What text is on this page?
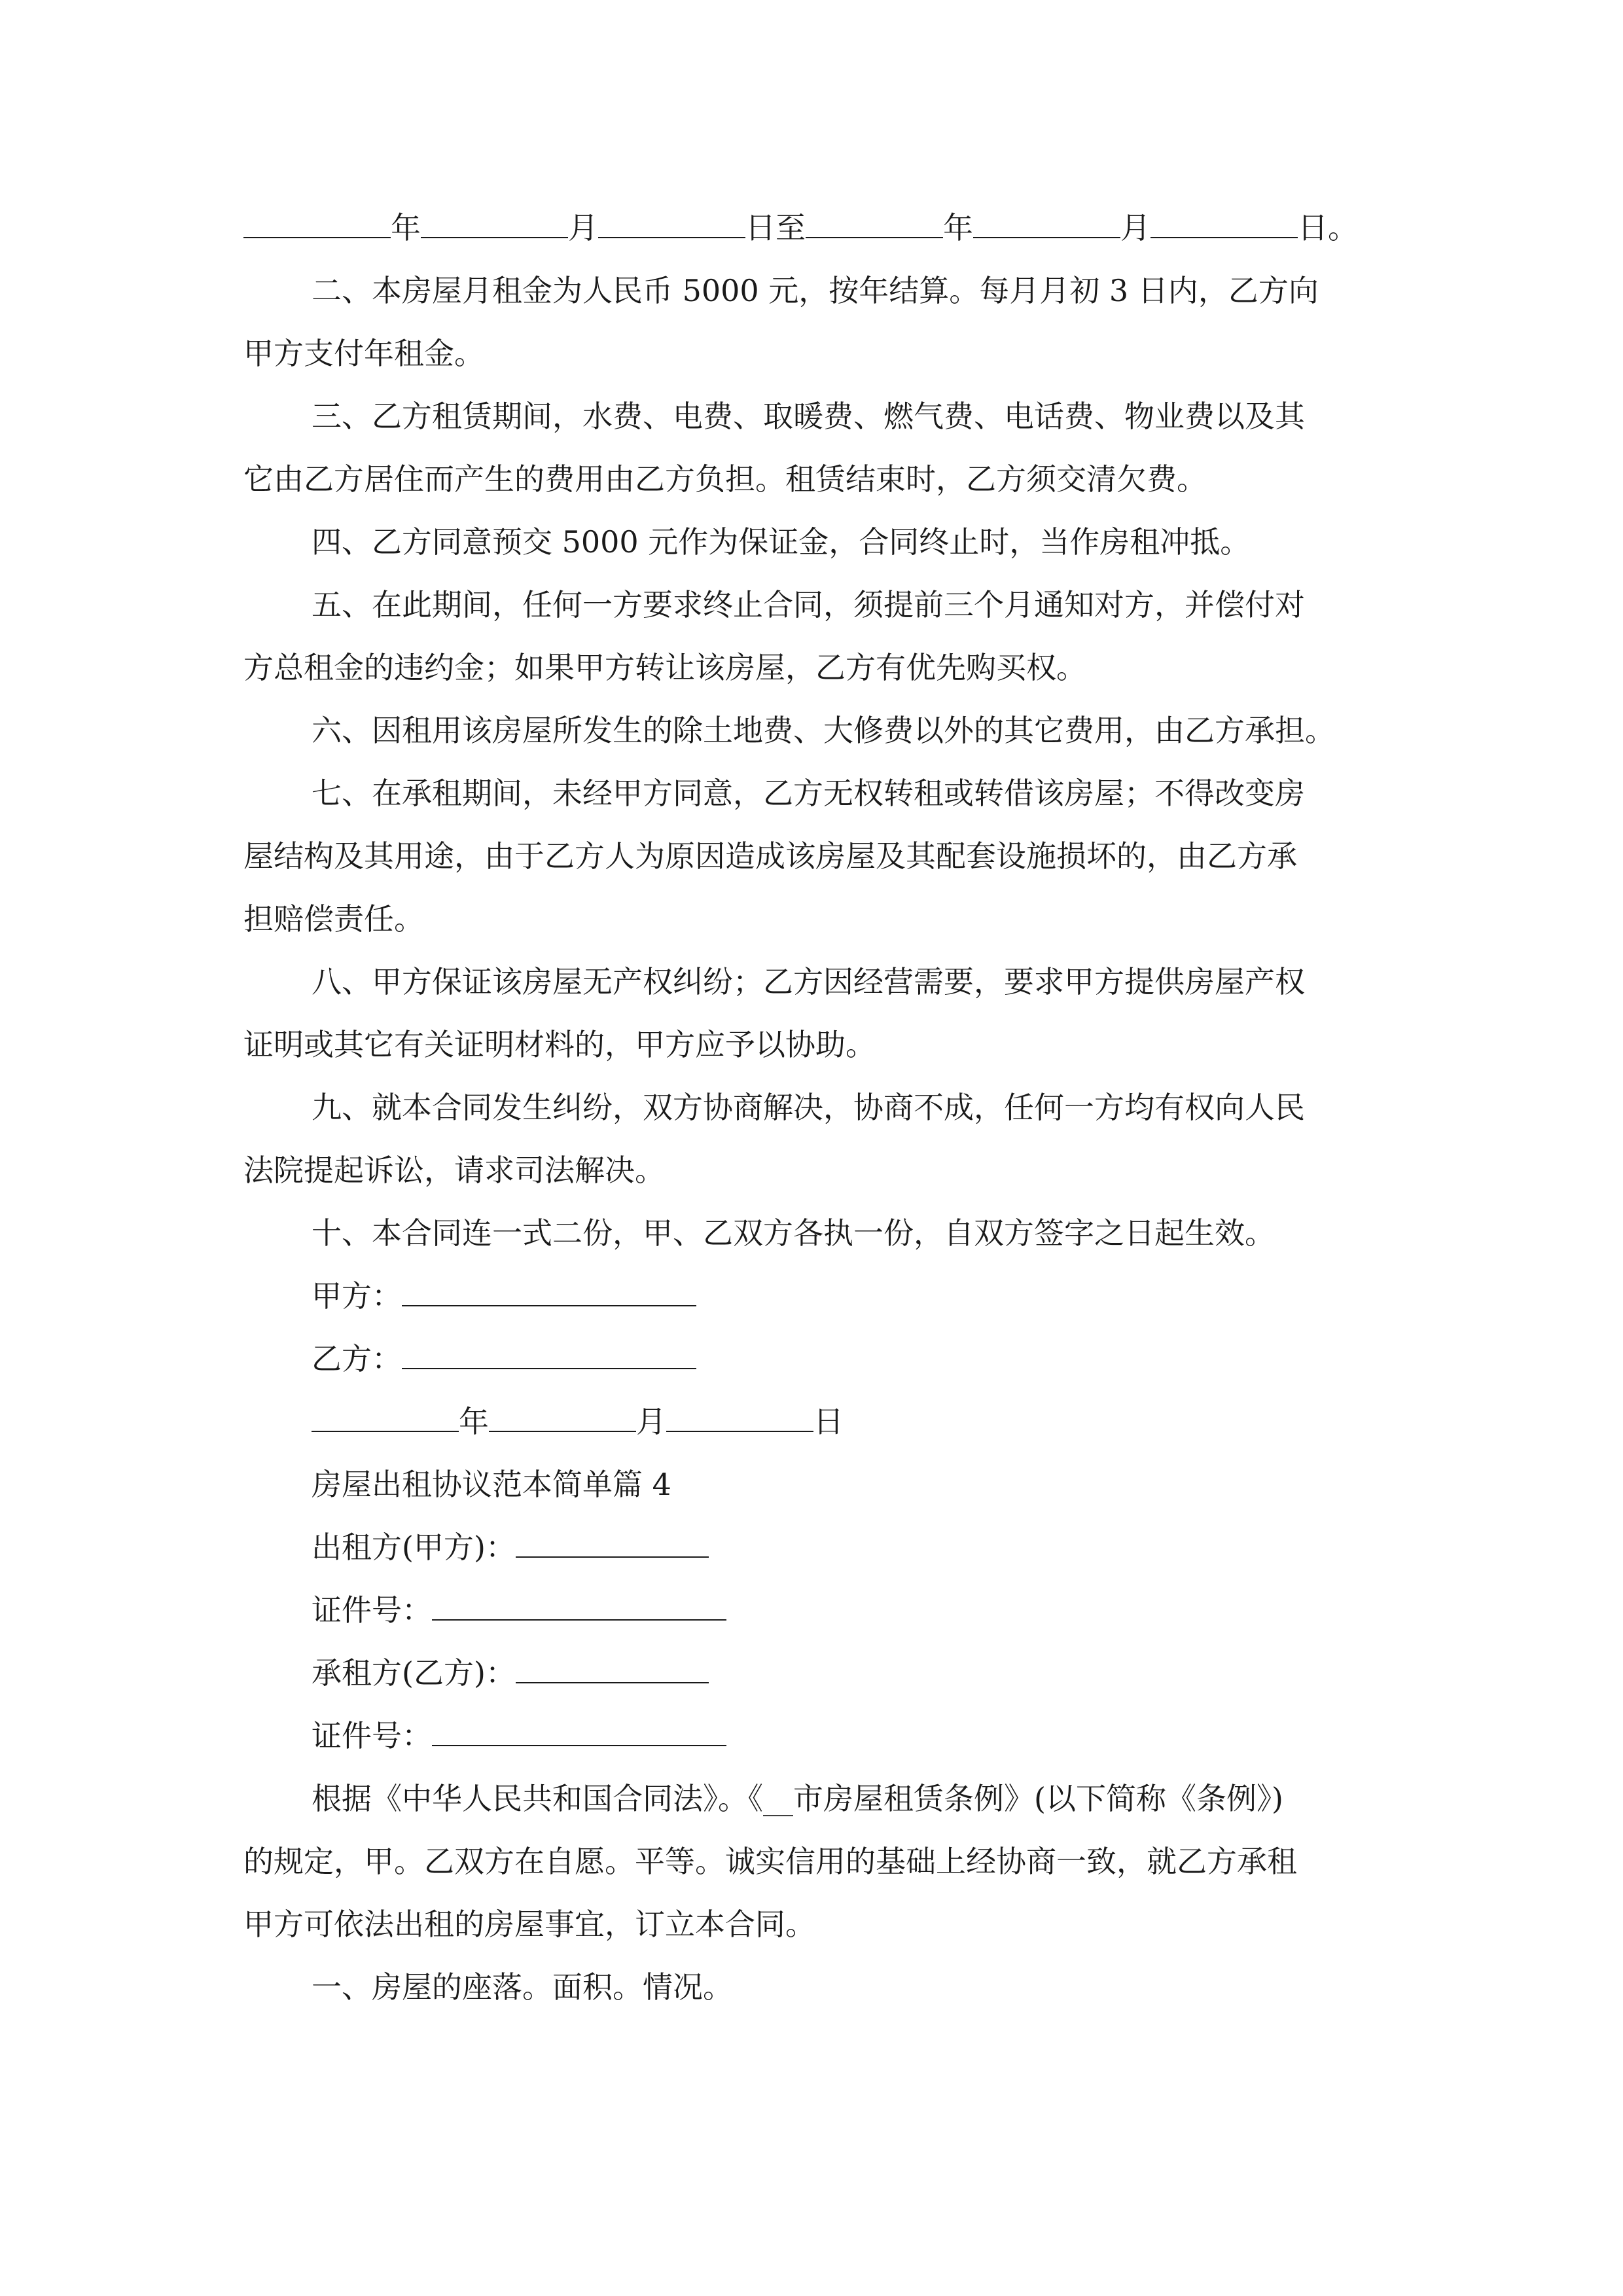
年	月	日至	年	月	日。
二、本房屋月租金为人民币 5000 元，按年结算。每月月初 3 日内，乙方向
甲方支付年租金。
三、乙方租赁期间，水费、电费、取暖费、燃气费、电话费、物业费以及其
它由乙方居住而产生的费用由乙方负担。租赁结束时，乙方须交清欠费。
四、乙方同意预交 5000 元作为保证金，合同终止时，当作房租冲抵。
五、在此期间，任何一方要求终止合同，须提前三个月通知对方，并偿付对
方总租金的违约金；如果甲方转让该房屋，乙方有优先购买权。
六、因租用该房屋所发生的除土地费、大修费以外的其它费用，由乙方承担。
七、在承租期间，未经甲方同意，乙方无权转租或转借该房屋；不得改变房
屋结构及其用途，由于乙方人为原因造成该房屋及其配套设施损坏的，由乙方承
担赔偿责任。
八、甲方保证该房屋无产权纠纷；乙方因经营需要，要求甲方提供房屋产权
证明或其它有关证明材料的，甲方应予以协助。
九、就本合同发生纠纷，双方协商解决，协商不成，任何一方均有权向人民
法院提起诉讼，请求司法解决。
十、本合同连一式二份，甲、乙双方各执一份，自双方签字之日起生效。
甲方：
乙方：
年	月	日
房屋出租协议范本简单篇 4
出租方(甲方)：
证件号：
承租方(乙方)：
证件号：
根据《中华人民共和国合同法》。《__市房屋租赁条例》(以下简称《条例》)
的规定，甲。乙双方在自愿。平等。诚实信用的基础上经协商一致，就乙方承租
甲方可依法出租的房屋事宜，订立本合同。
一、房屋的座落。面积。情况。
